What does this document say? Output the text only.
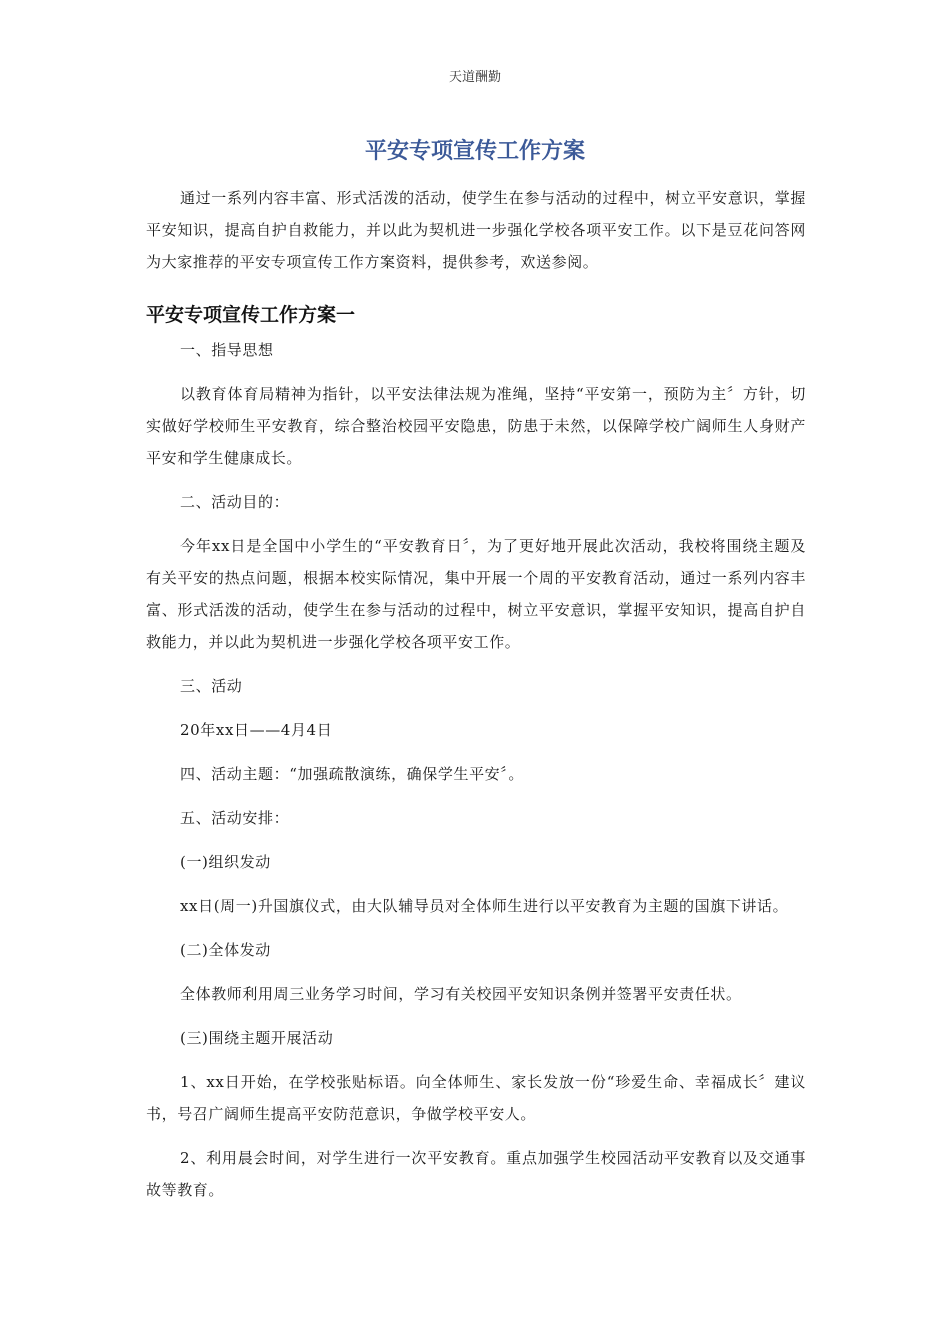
天道酬勤
平安专项宣传工作方案

通过一系列内容丰富、形式活泼的活动，使学生在参与活动的过程中，树立平安意识，掌握平安知识，提高自护自救能力，并以此为契机进一步强化学校各项平安工作。以下是豆花问答网为大家推荐的平安专项宣传工作方案资料，提供参考，欢送参阅。

平安专项宣传工作方案一

一、指导思想

以教育体育局精神为指针，以平安法律法规为准绳，坚持“平安第一，预防为主〞方针，切实做好学校师生平安教育，综合整治校园平安隐患，防患于未然，以保障学校广阔师生人身财产平安和学生健康成长。

二、活动目的：

今年xx日是全国中小学生的“平安教育日〞，为了更好地开展此次活动，我校将围绕主题及有关平安的热点问题，根据本校实际情况，集中开展一个周的平安教育活动，通过一系列内容丰富、形式活泼的活动，使学生在参与活动的过程中，树立平安意识，掌握平安知识，提高自护自救能力，并以此为契机进一步强化学校各项平安工作。

三、活动

20年xx日——4月4日

四、活动主题：“加强疏散演练，确保学生平安〞。

五、活动安排：

(一)组织发动

xx日(周一)升国旗仪式，由大队辅导员对全体师生进行以平安教育为主题的国旗下讲话。

(二)全体发动

全体教师利用周三业务学习时间，学习有关校园平安知识条例并签署平安责任状。

(三)围绕主题开展活动

1、xx日开始，在学校张贴标语。向全体师生、家长发放一份“珍爱生命、幸福成长〞建议书，号召广阔师生提高平安防范意识，争做学校平安人。

2、利用晨会时间，对学生进行一次平安教育。重点加强学生校园活动平安教育以及交通事故等教育。
